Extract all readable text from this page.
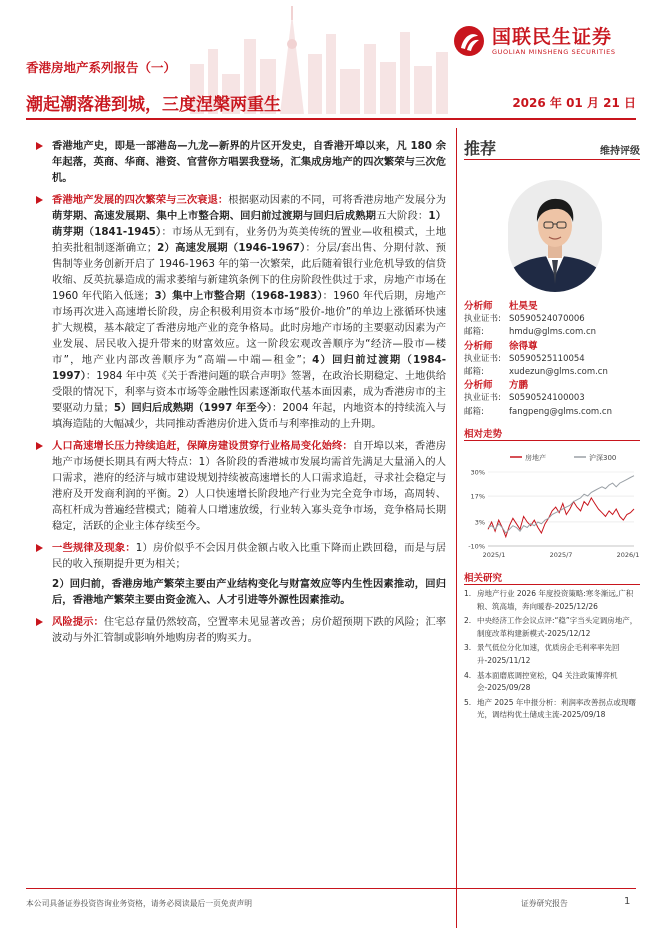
国联民生证券
GUOLIAN MINSHENG SECURITIES
香港房地产系列报告（一）
潮起潮落港到城，三度涅槃两重生	2026 年 01 月 21 日
香港地产史，即是一部港岛—九龙—新界的片区开发史，自香港开埠以来，凡 180 余年起落，英商、华商、港资、官营你方唱罢我登场，汇集成房地产的四次繁荣与三次危机。
香港地产发展的四次繁荣与三次衰退：根据驱动因素的不同，可将香港房地产发展分为萌芽期、高速发展期、集中上市整合期、回归前过渡期与回归后成熟期五大阶段：1）萌芽期（1841-1945）：市场从无到有，业务仍为英美传统的置业—收租模式，土地拍卖批租制逐渐确立；2）高速发展期（1946-1967）：分层/套出售、分期付款、预售制等业务创新开启了 1946-1963 年的第一次繁荣，此后随着银行业危机导致的信贷收缩、反英抗暴造成的需求萎缩与新建筑条例下的住房阶段性供过于求，房地产市场在 1960 年代陷入低迷；3）集中上市整合期（1968-1983）：1960 年代后期，房地产市场再次进入高速增长阶段，房企积极利用资本市场“股价-地价”的单边上涨循环快速扩大规模，基本敲定了香港房地产业的竞争格局。此时房地产市场的主要驱动因素为产业发展、居民收入提升带来的财富效应。这一阶段宏观改善顺序为“经济—股市—楼市”，地产业内部改善顺序为“高端—中端—租金”；4）回归前过渡期（1984-1997）：1984 年中英《关于香港问题的联合声明》签署，在政治长期稳定、土地供给受限的情况下，利率与资本市场等金融性因素逐渐取代基本面因素，成为香港房市的主要驱动力量；5）回归后成熟期（1997 年至今）：2004 年起，内地资本的持续流入与填海造陆的大幅减少，共同推动香港房价进入货币与利率推动的上升期。
人口高速增长压力持续追赶，保障房建设贯穿行业格局变化始终：自开埠以来，香港房地产市场便长期具有两大特点：1）各阶段的香港城市发展均需首先满足大量涌入的人口需求，港府的经济与城市建设规划持续被高速增长的人口需求追赶，寻求社会稳定与港府及开发商利润的平衡。2）人口快速增长阶段地产行业为完全竞争市场，高周转、高杠杆成为普遍经营模式；随着人口增速放缓，行业转入寡头竞争市场，竞争格局长期稳定，活跃的企业主体存续至今。
一些规律及现象：1）房价似乎不会因月供金额占收入比重下降而止跌回稳，而是与居民的收入预期提升更为相关；
2）回归前，香港房地产繁荣主要由产业结构变化与财富效应等内生性因素推动，回归后，香港地产繁荣主要由资金流入、人才引进等外源性因素推动。
风险提示：住宅总存量仍然较高，空置率未见显著改善；房价超预期下跌的风险；汇率波动与外汇管制或影响外地购房者的购买力。
推荐	维持评级
分析师	杜昊旻
执业证书: S0590524070006
邮箱:	hmdu@glms.com.cn
分析师	徐得尊
执业证书: S0590525110054
邮箱:	xudezun@glms.com.cn
分析师	方鹏
执业证书: S0590524100003
邮箱:	fangpeng@glms.com.cn
相对走势
房地产	沪深300
30%
17%
3%
-10%
2025/1	2025/7	2026/1
相关研究
1. 房地产行业 2026 年度投资策略:寒冬渐远,广积粮、筑高墙，奔向暖春-2025/12/26
2. 中央经济工作会议点评:“稳”字当头定调房地产，制度改革构建新模式-2025/12/12
3. 景气低位分化加速，优质房企毛利率率先回升-2025/11/12
4. 基本面磨底调控宽松，Q4 关注政策博弈机会-2025/09/28
5. 地产 2025 年中报分析：利润率改善拐点或现曙光，调结构优土储成主流-2025/09/18
本公司具备证券投资咨询业务资格，请务必阅读最后一页免责声明	证券研究报告	1
